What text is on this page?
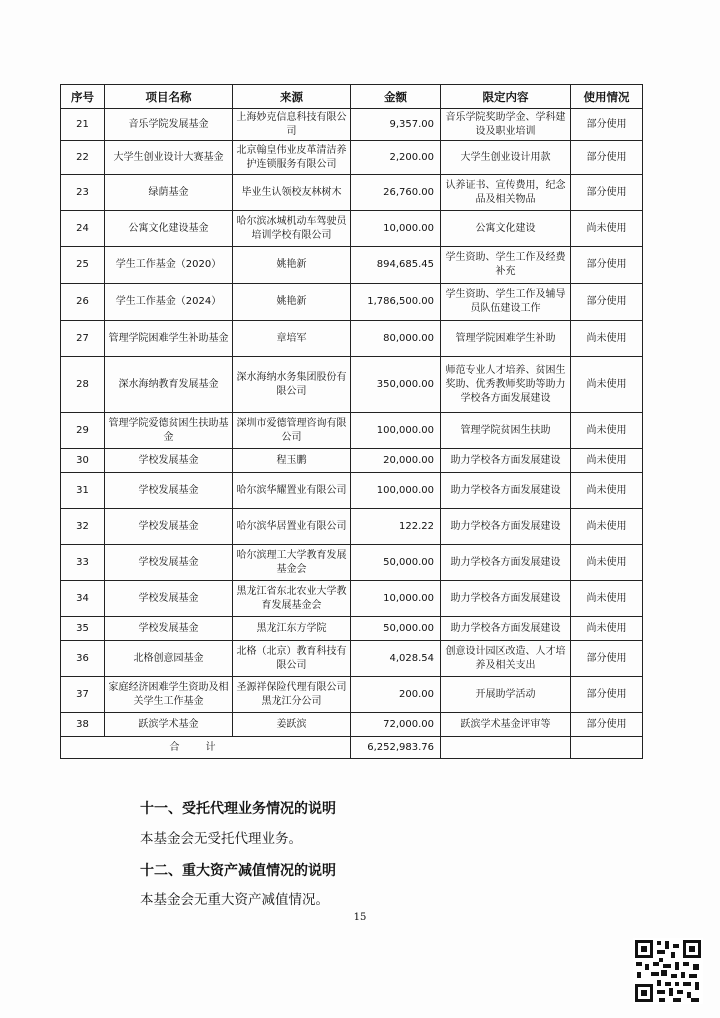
序号	项目名称	来源	金额	限定内容	使用情况
21	音乐学院发展基金	上海妙克信息科技有限公司	9,357.00	音乐学院奖助学金、学科建设及职业培训	部分使用
22	大学生创业设计大赛基金	北京翰皇伟业皮革清洁养护连锁服务有限公司	2,200.00	大学生创业设计用款	部分使用
23	绿荫基金	毕业生认领校友林树木	26,760.00	认养证书、宣传费用，纪念品及相关物品	部分使用
24	公寓文化建设基金	哈尔滨冰城机动车驾驶员培训学校有限公司	10,000.00	公寓文化建设	尚未使用
25	学生工作基金（2020）	姚艳新	894,685.45	学生资助、学生工作及经费补充	部分使用
26	学生工作基金（2024）	姚艳新	1,786,500.00	学生资助、学生工作及辅导员队伍建设工作	部分使用
27	管理学院困难学生补助基金	章培军	80,000.00	管理学院困难学生补助	尚未使用
28	深水海纳教育发展基金	深水海纳水务集团股份有限公司	350,000.00	师范专业人才培养、贫困生奖助、优秀教师奖助等助力学校各方面发展建设	尚未使用
29	管理学院爱德贫困生扶助基金	深圳市爱德管理咨询有限公司	100,000.00	管理学院贫困生扶助	尚未使用
30	学校发展基金	程玉鹏	20,000.00	助力学校各方面发展建设	尚未使用
31	学校发展基金	哈尔滨华耀置业有限公司	100,000.00	助力学校各方面发展建设	尚未使用
32	学校发展基金	哈尔滨华居置业有限公司	122.22	助力学校各方面发展建设	尚未使用
33	学校发展基金	哈尔滨理工大学教育发展基金会	50,000.00	助力学校各方面发展建设	尚未使用
34	学校发展基金	黑龙江省东北农业大学教育发展基金会	10,000.00	助力学校各方面发展建设	尚未使用
35	学校发展基金	黑龙江东方学院	50,000.00	助力学校各方面发展建设	尚未使用
36	北格创意园基金	北格（北京）教育科技有限公司	4,028.54	创意设计园区改造、人才培养及相关支出	部分使用
37	家庭经济困难学生资助及相关学生工作基金	圣源祥保险代理有限公司黑龙江分公司	200.00	开展助学活动	部分使用
38	跃滨学术基金	姜跃滨	72,000.00	跃滨学术基金评审等	部分使用
合计			6,252,983.76		
十一、受托代理业务情况的说明
本基金会无受托代理业务。
十二、重大资产减值情况的说明
本基金会无重大资产减值情况。
15
